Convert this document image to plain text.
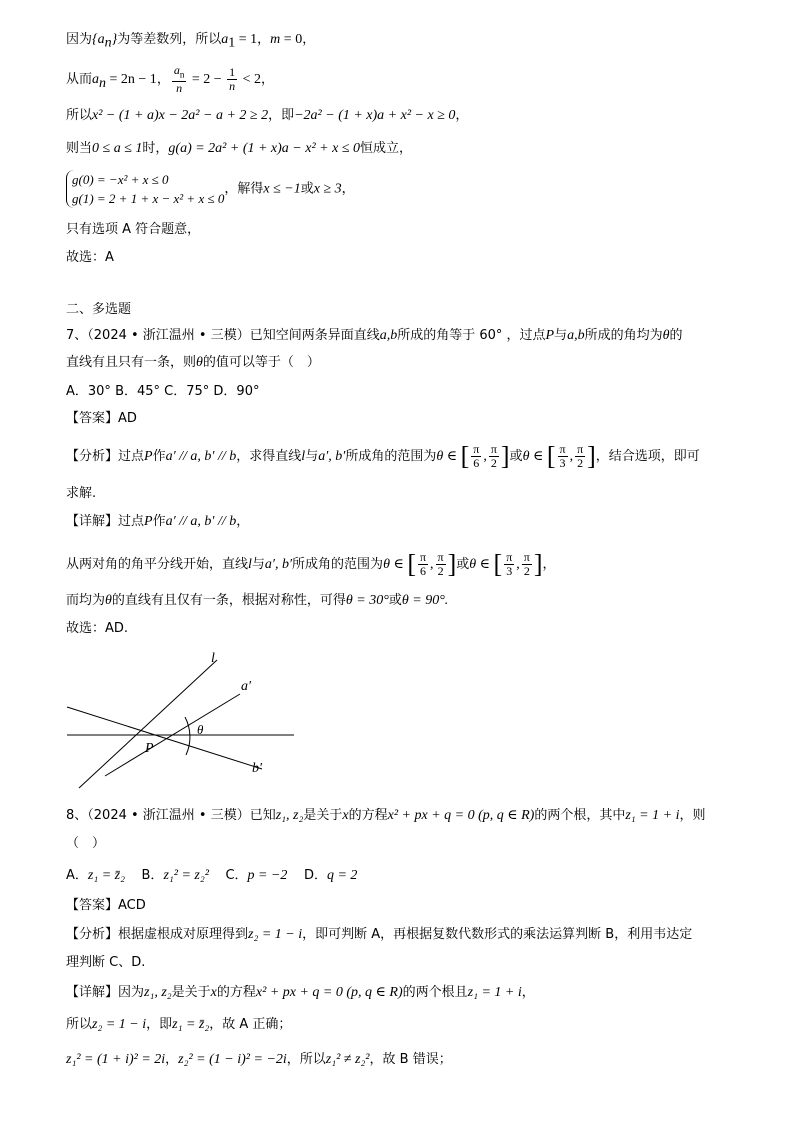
因为$\{a_n\}$为等差数列，所以$a_1 = 1$，m = 0，
从而$a_n = 2n - 1$， $\frac{a_n}{n} = 2 - \frac{1}{n} < 2$，
所以x² − (1 + a)x − 2a² − a + 2 ≥ 2，即−2a² − (1 + x)a + x² − x ≥ 0，
则当0 ≤ a ≤ 1时，g(a) = 2a² + (1 + x)a − x² + x ≤ 0恒成立，
g(0) = −x² + x ≤ 0
g(1) = 2 + 1 + x − x² + x ≤ 0，解得x ≤ −1或x ≥ 3，
只有选项 A 符合题意，
故选：A
二、多选题
7、（2024 • 浙江温州 • 三模）已知空间两条异面直线a,b所成的角等于 60° ，过点P与a,b所成的角均为θ的
直线有且只有一条，则θ的值可以等于（　）
A．30° B．45° C．75° D．90°
【答案】AD
【分析】过点P作a′ // a, b′ // b，求得直线l与a′, b′所成角的范围为θ ∈ [ $\frac{\pi}{6}$ , $\frac{\pi}{2}$ ]或θ ∈ [ $\frac{\pi}{3}$ , $\frac{\pi}{2}$ ]，结合选项，即可
求解.
【详解】过点P作a′ // a, b′ // b，
从两对角的角平分线开始，直线l与a′, b′所成角的范围为θ ∈ [ $\frac{\pi}{6}$ , $\frac{\pi}{2}$ ]或θ ∈ [ $\frac{\pi}{3}$ , $\frac{\pi}{2}$ ]，
而均为θ的直线有且仅有一条，根据对称性，可得θ = 30°或θ = 90°.
故选：AD.
l
a′
θ
P
b′
8、（2024 • 浙江温州 • 三模）已知z₁, z₂是关于x的方程x² + px + q = 0 (p, q ∈ R)的两个根，其中z₁ = 1 + i，则
（　）
A．z₁ = z̄₂ B．z₁² = z₂² C．p = −2 D．q = 2
【答案】ACD
【分析】根据虚根成对原理得到z₂ = 1 − i，即可判断 A，再根据复数代数形式的乘法运算判断 B，利用韦达定
理判断 C、D.
【详解】因为z₁, z₂是关于x的方程x² + px + q = 0 (p, q ∈ R)的两个根且z₁ = 1 + i，
所以z₂ = 1 − i，即z₁ = z̄₂，故 A 正确；
z₁² = (1 + i)² = 2i，z₂² = (1 − i)² = −2i，所以z₁² ≠ z₂²，故 B 错误；
